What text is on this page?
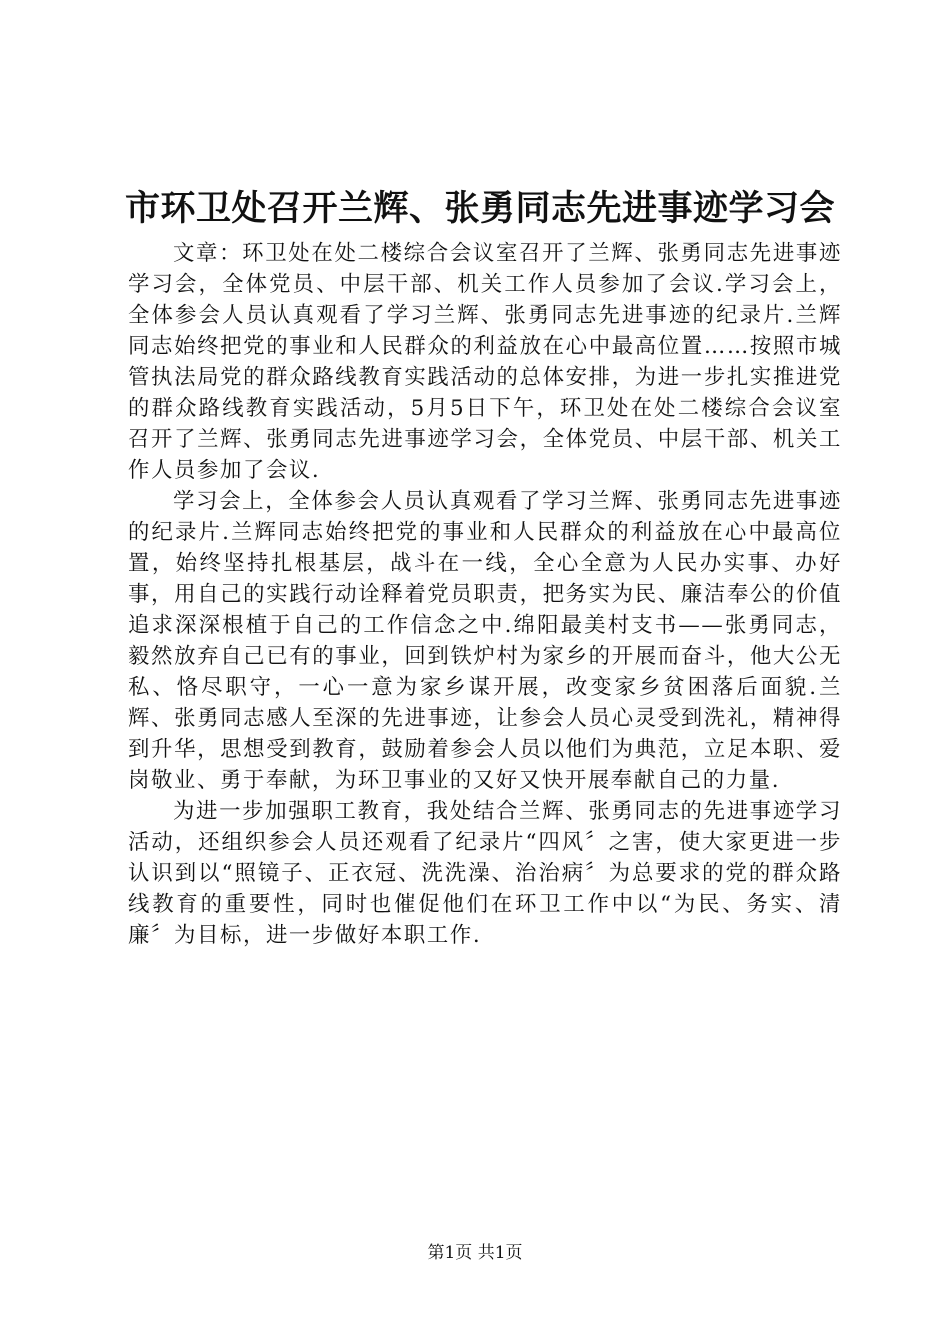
市环卫处召开兰辉、张勇同志先进事迹学习会

文章：环卫处在处二楼综合会议室召开了兰辉、张勇同志先进事迹学习会，全体党员、中层干部、机关工作人员参加了会议.学习会上，全体参会人员认真观看了学习兰辉、张勇同志先进事迹的纪录片.兰辉同志始终把党的事业和人民群众的利益放在心中最高位置……按照市城管执法局党的群众路线教育实践活动的总体安排，为进一步扎实推进党的群众路线教育实践活动，5月5日下午，环卫处在处二楼综合会议室召开了兰辉、张勇同志先进事迹学习会，全体党员、中层干部、机关工作人员参加了会议.

学习会上，全体参会人员认真观看了学习兰辉、张勇同志先进事迹的纪录片.兰辉同志始终把党的事业和人民群众的利益放在心中最高位置，始终坚持扎根基层，战斗在一线，全心全意为人民办实事、办好事，用自己的实践行动诠释着党员职责，把务实为民、廉洁奉公的价值追求深深根植于自己的工作信念之中.绵阳最美村支书——张勇同志，毅然放弃自己已有的事业，回到铁炉村为家乡的开展而奋斗，他大公无私、恪尽职守，一心一意为家乡谋开展，改变家乡贫困落后面貌.兰辉、张勇同志感人至深的先进事迹，让参会人员心灵受到洗礼，精神得到升华，思想受到教育，鼓励着参会人员以他们为典范，立足本职、爱岗敬业、勇于奉献，为环卫事业的又好又快开展奉献自己的力量.

为进一步加强职工教育，我处结合兰辉、张勇同志的先进事迹学习活动，还组织参会人员还观看了纪录片“四风〞之害，使大家更进一步认识到以“照镜子、正衣冠、洗洗澡、治治病〞为总要求的党的群众路线教育的重要性，同时也催促他们在环卫工作中以“为民、务实、清廉〞为目标，进一步做好本职工作.

第1页 共1页
